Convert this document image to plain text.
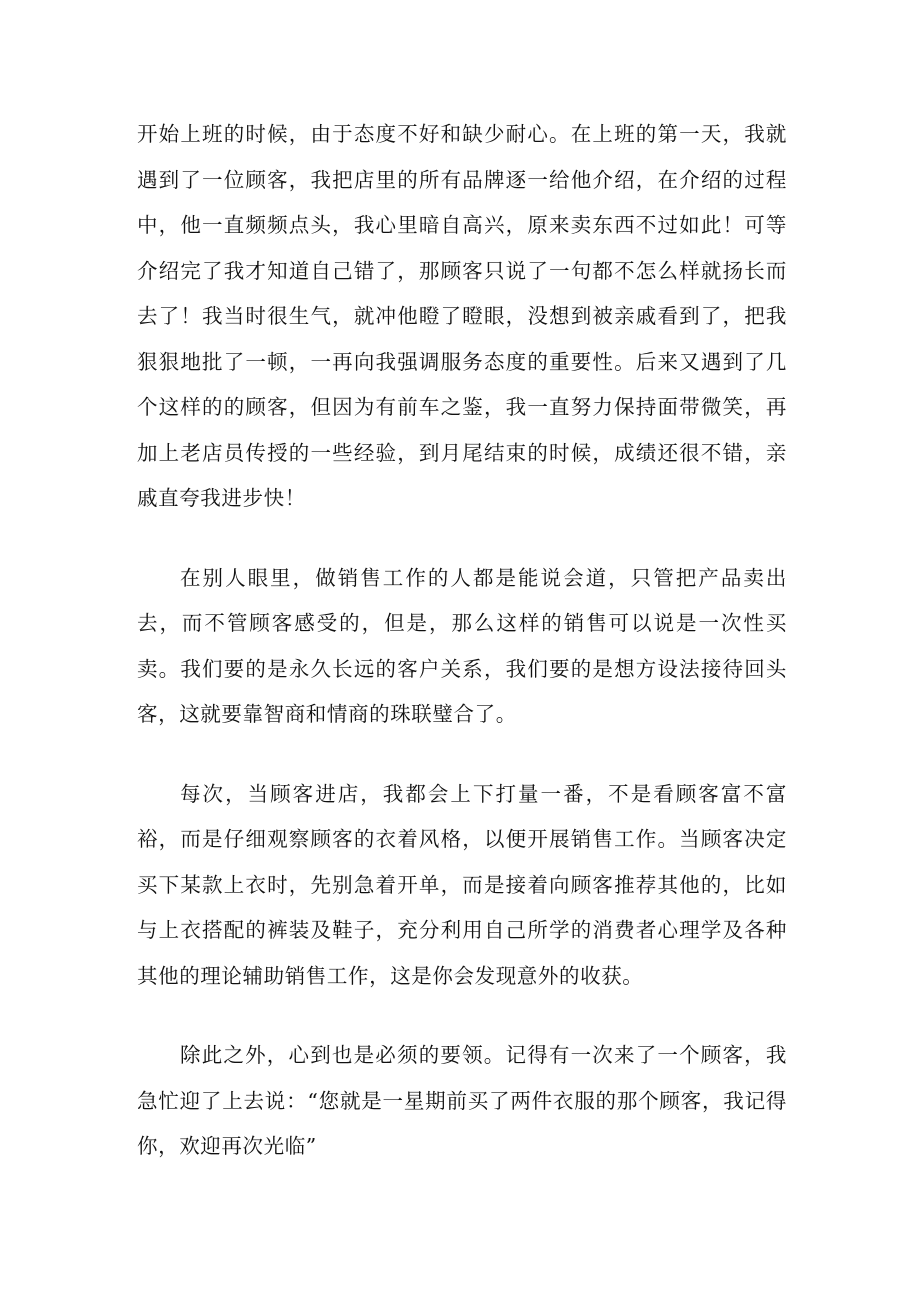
开始上班的时候，由于态度不好和缺少耐心。在上班的第一天，我就遇到了一位顾客，我把店里的所有品牌逐一给他介绍，在介绍的过程中，他一直频频点头，我心里暗自高兴，原来卖东西不过如此！可等介绍完了我才知道自己错了，那顾客只说了一句都不怎么样就扬长而去了！我当时很生气，就冲他瞪了瞪眼，没想到被亲戚看到了，把我狠狠地批了一顿，一再向我强调服务态度的重要性。后来又遇到了几个这样的的顾客，但因为有前车之鉴，我一直努力保持面带微笑，再加上老店员传授的一些经验，到月尾结束的时候，成绩还很不错，亲戚直夸我进步快！

在别人眼里，做销售工作的人都是能说会道，只管把产品卖出去，而不管顾客感受的，但是，那么这样的销售可以说是一次性买卖。我们要的是永久长远的客户关系，我们要的是想方设法接待回头客，这就要靠智商和情商的珠联璧合了。

每次，当顾客进店，我都会上下打量一番，不是看顾客富不富裕，而是仔细观察顾客的衣着风格，以便开展销售工作。当顾客决定买下某款上衣时，先别急着开单，而是接着向顾客推荐其他的，比如与上衣搭配的裤装及鞋子，充分利用自己所学的消费者心理学及各种其他的理论辅助销售工作，这是你会发现意外的收获。

除此之外，心到也是必须的要领。记得有一次来了一个顾客，我急忙迎了上去说：“您就是一星期前买了两件衣服的那个顾客，我记得你，欢迎再次光临”
